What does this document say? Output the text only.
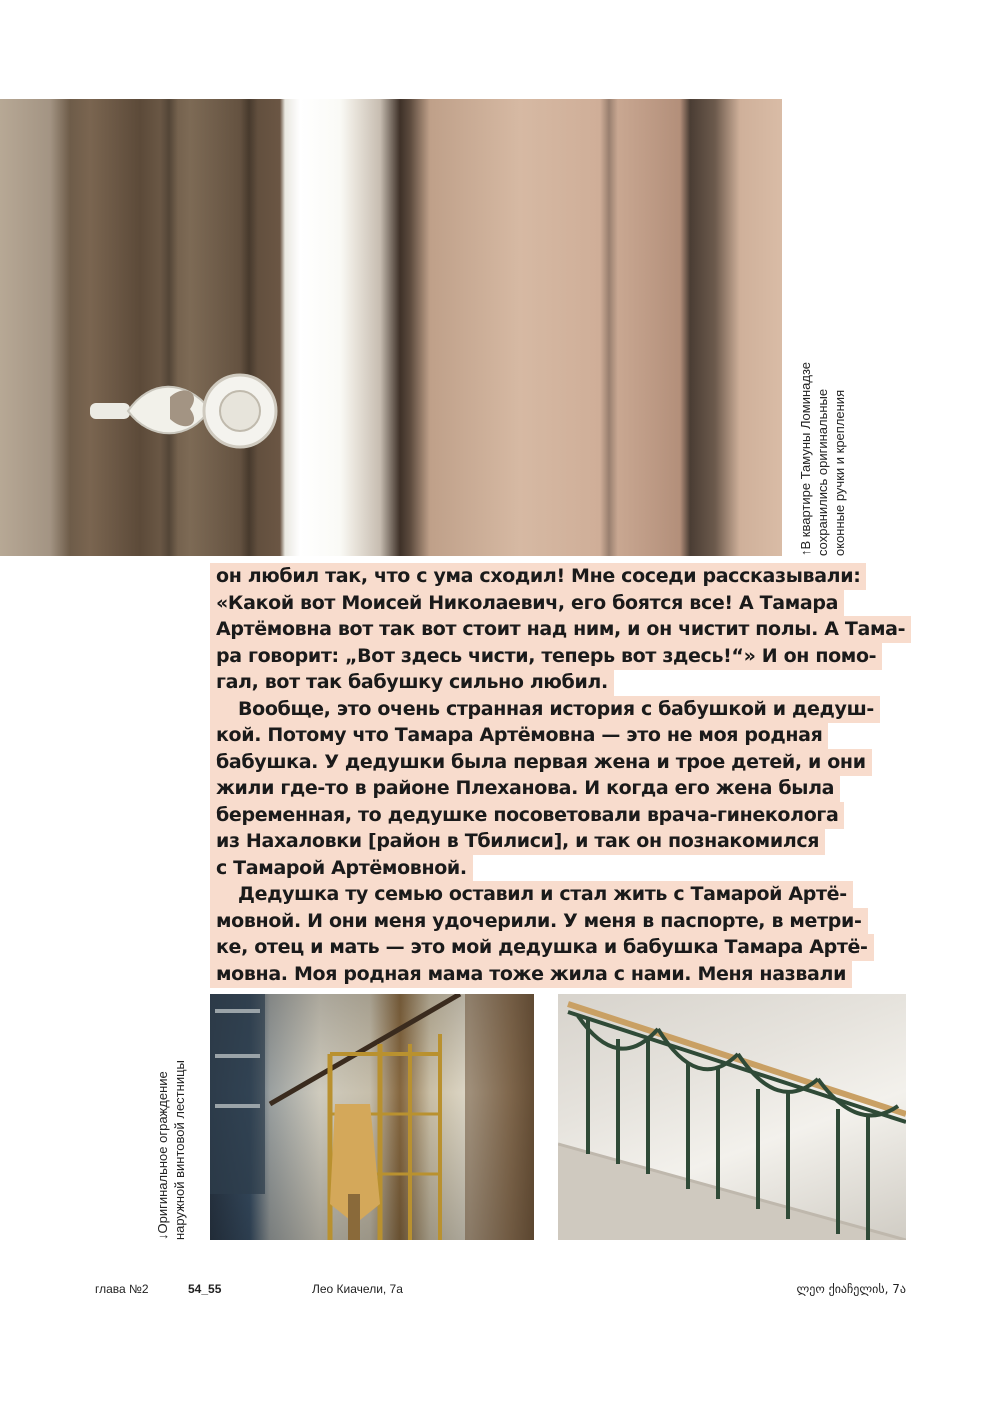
↑В квартире Тамуны Ломинадзе сохранились оригинальные оконные ручки и крепления

он любил так, что с ума сходил! Мне соседи рассказывали:
«Какой вот Моисей Николаевич, его боятся все! А Тамара
Артёмовна вот так вот стоит над ним, и он чистит полы. А Тама-
ра говорит: „Вот здесь чисти, теперь вот здесь!“» И он помо-
гал, вот так бабушку сильно любил.

Вообще, это очень странная история с бабушкой и дедуш-
кой. Потому что Тамара Артёмовна — это не моя родная
бабушка. У дедушки была первая жена и трое детей, и они
жили где-то в районе Плеханова. И когда его жена была
беременная, то дедушке посоветовали врача-гинеколога
из Нахаловки [район в Тбилиси], и так он познакомился
с Тамарой Артёмовной.

Дедушка ту семью оставил и стал жить с Тамарой Артё-
мовной. И они меня удочерили. У меня в паспорте, в метри-
ке, отец и мать — это мой дедушка и бабушка Тамара Артё-
мовна. Моя родная мама тоже жила с нами. Меня назвали

↓Оригинальное ограждение наружной винтовой лестницы
глава №2	54_55	Лео Киачели, 7а	ლეო ქიაჩელის, 7ა
